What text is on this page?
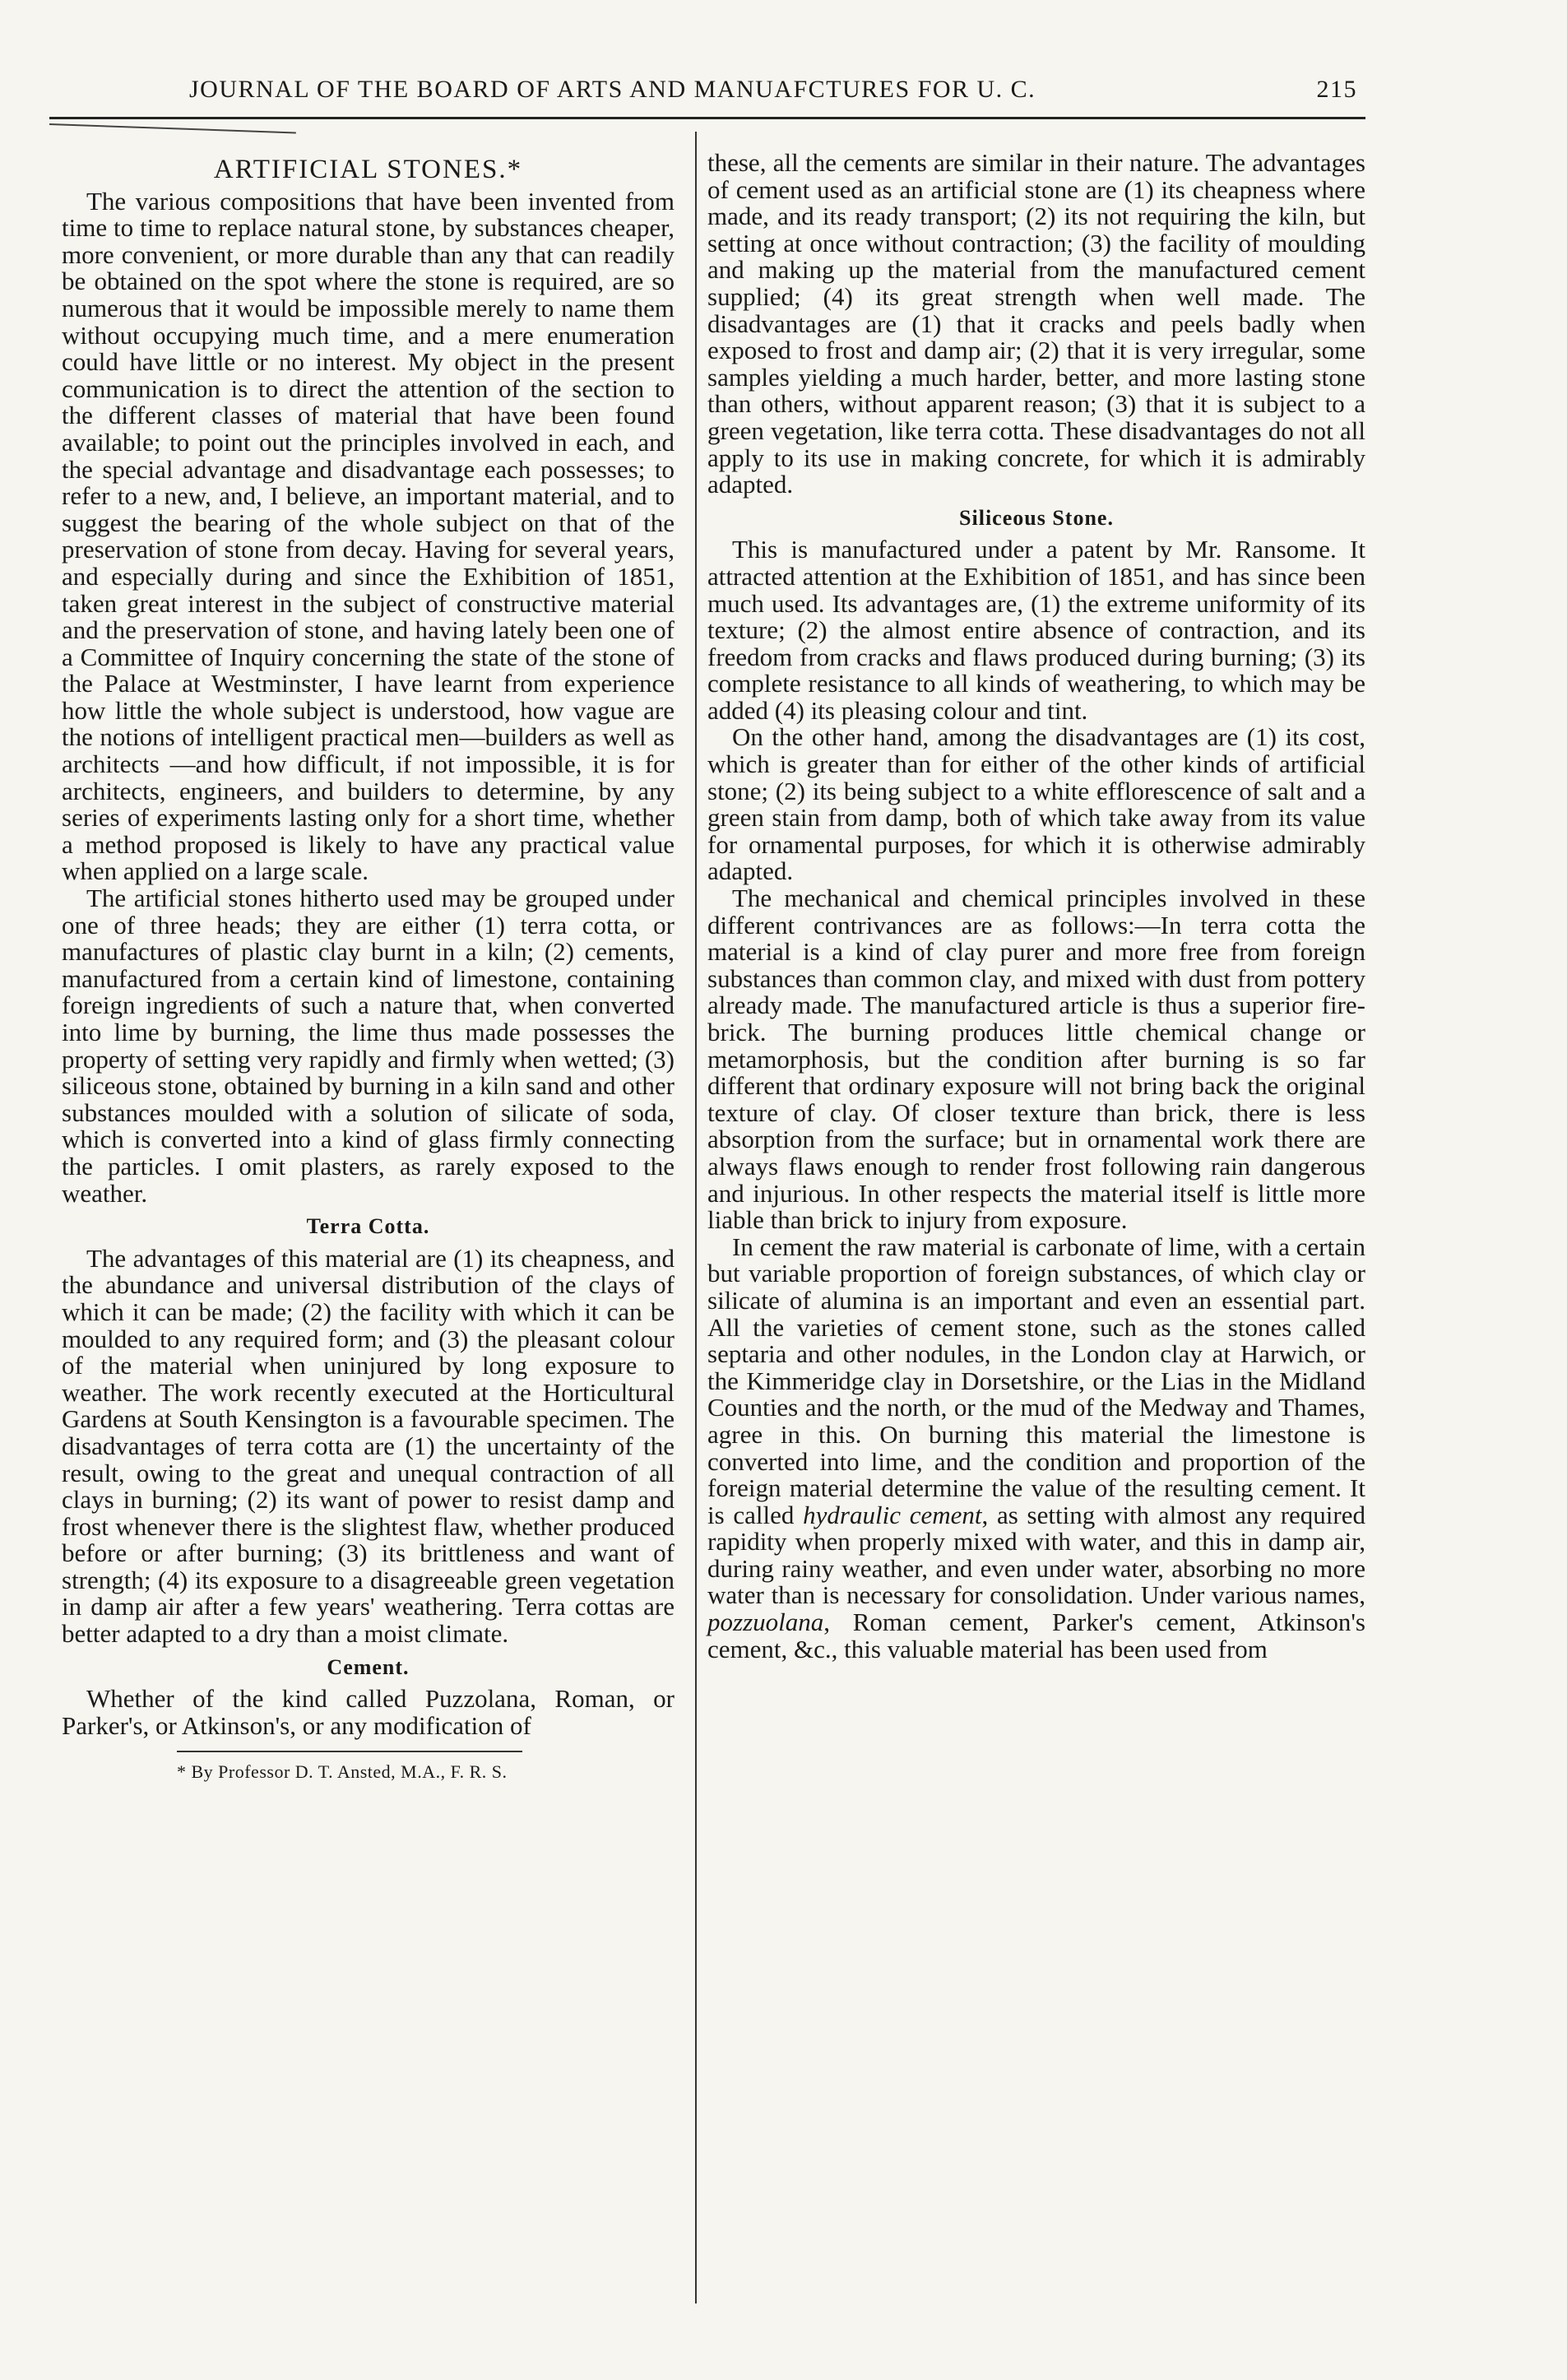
JOURNAL OF THE BOARD OF ARTS AND MANUAFCTURES FOR U. C.	215
ARTIFICIAL STONES.*

The various compositions that have been invented from time to time to replace natural stone, by substances cheaper, more convenient, or more durable than any that can readily be obtained on the spot where the stone is required, are so numerous that it would be impossible merely to name them without occupying much time, and a mere enumeration could have little or no interest. My object in the present communication is to direct the attention of the section to the different classes of material that have been found available; to point out the principles involved in each, and the special advantage and disadvantage each possesses; to refer to a new, and, I believe, an important material, and to suggest the bearing of the whole subject on that of the preservation of stone from decay. Having for several years, and especially during and since the Exhibition of 1851, taken great interest in the subject of constructive material and the preservation of stone, and having lately been one of a Committee of Inquiry concerning the state of the stone of the Palace at Westminster, I have learnt from experience how little the whole subject is understood, how vague are the notions of intelligent practical men—builders as well as architects —and how difficult, if not impossible, it is for architects, engineers, and builders to determine, by any series of experiments lasting only for a short time, whether a method proposed is likely to have any practical value when applied on a large scale.

The artificial stones hitherto used may be grouped under one of three heads; they are either (1) terra cotta, or manufactures of plastic clay burnt in a kiln; (2) cements, manufactured from a certain kind of limestone, containing foreign ingredients of such a nature that, when converted into lime by burning, the lime thus made possesses the property of setting very rapidly and firmly when wetted; (3) siliceous stone, obtained by burning in a kiln sand and other substances moulded with a solution of silicate of soda, which is converted into a kind of glass firmly connecting the particles. I omit plasters, as rarely exposed to the weather.

Terra Cotta.

The advantages of this material are (1) its cheapness, and the abundance and universal distribution of the clays of which it can be made; (2) the facility with which it can be moulded to any required form; and (3) the pleasant colour of the material when uninjured by long exposure to weather. The work recently executed at the Horticultural Gardens at South Kensington is a favourable specimen. The disadvantages of terra cotta are (1) the uncertainty of the result, owing to the great and unequal contraction of all clays in burning; (2) its want of power to resist damp and frost whenever there is the slightest flaw, whether produced before or after burning; (3) its brittleness and want of strength; (4) its exposure to a disagreeable green vegetation in damp air after a few years' weathering. Terra cottas are better adapted to a dry than a moist climate.

Cement.

Whether of the kind called Puzzolana, Roman, or Parker's, or Atkinson's, or any modification of

* By Professor D. T. Ansted, M.A., F. R. S.

these, all the cements are similar in their nature. The advantages of cement used as an artificial stone are (1) its cheapness where made, and its ready transport; (2) its not requiring the kiln, but setting at once without contraction; (3) the facility of moulding and making up the material from the manufactured cement supplied; (4) its great strength when well made. The disadvantages are (1) that it cracks and peels badly when exposed to frost and damp air; (2) that it is very irregular, some samples yielding a much harder, better, and more lasting stone than others, without apparent reason; (3) that it is subject to a green vegetation, like terra cotta. These disadvantages do not all apply to its use in making concrete, for which it is admirably adapted.

Siliceous Stone.

This is manufactured under a patent by Mr. Ransome. It attracted attention at the Exhibition of 1851, and has since been much used. Its advantages are, (1) the extreme uniformity of its texture; (2) the almost entire absence of contraction, and its freedom from cracks and flaws produced during burning; (3) its complete resistance to all kinds of weathering, to which may be added (4) its pleasing colour and tint.

On the other hand, among the disadvantages are (1) its cost, which is greater than for either of the other kinds of artificial stone; (2) its being subject to a white efflorescence of salt and a green stain from damp, both of which take away from its value for ornamental purposes, for which it is otherwise admirably adapted.

The mechanical and chemical principles involved in these different contrivances are as follows:—In terra cotta the material is a kind of clay purer and more free from foreign substances than common clay, and mixed with dust from pottery already made. The manufactured article is thus a superior fire-brick. The burning produces little chemical change or metamorphosis, but the condition after burning is so far different that ordinary exposure will not bring back the original texture of clay. Of closer texture than brick, there is less absorption from the surface; but in ornamental work there are always flaws enough to render frost following rain dangerous and injurious. In other respects the material itself is little more liable than brick to injury from exposure.

In cement the raw material is carbonate of lime, with a certain but variable proportion of foreign substances, of which clay or silicate of alumina is an important and even an essential part. All the varieties of cement stone, such as the stones called septaria and other nodules, in the London clay at Harwich, or the Kimmeridge clay in Dorsetshire, or the Lias in the Midland Counties and the north, or the mud of the Medway and Thames, agree in this. On burning this material the limestone is converted into lime, and the condition and proportion of the foreign material determine the value of the resulting cement. It is called hydraulic cement, as setting with almost any required rapidity when properly mixed with water, and this in damp air, during rainy weather, and even under water, absorbing no more water than is necessary for consolidation. Under various names, pozzuolana, Roman cement, Parker's cement, Atkinson's cement, &c., this valuable material has been used from
